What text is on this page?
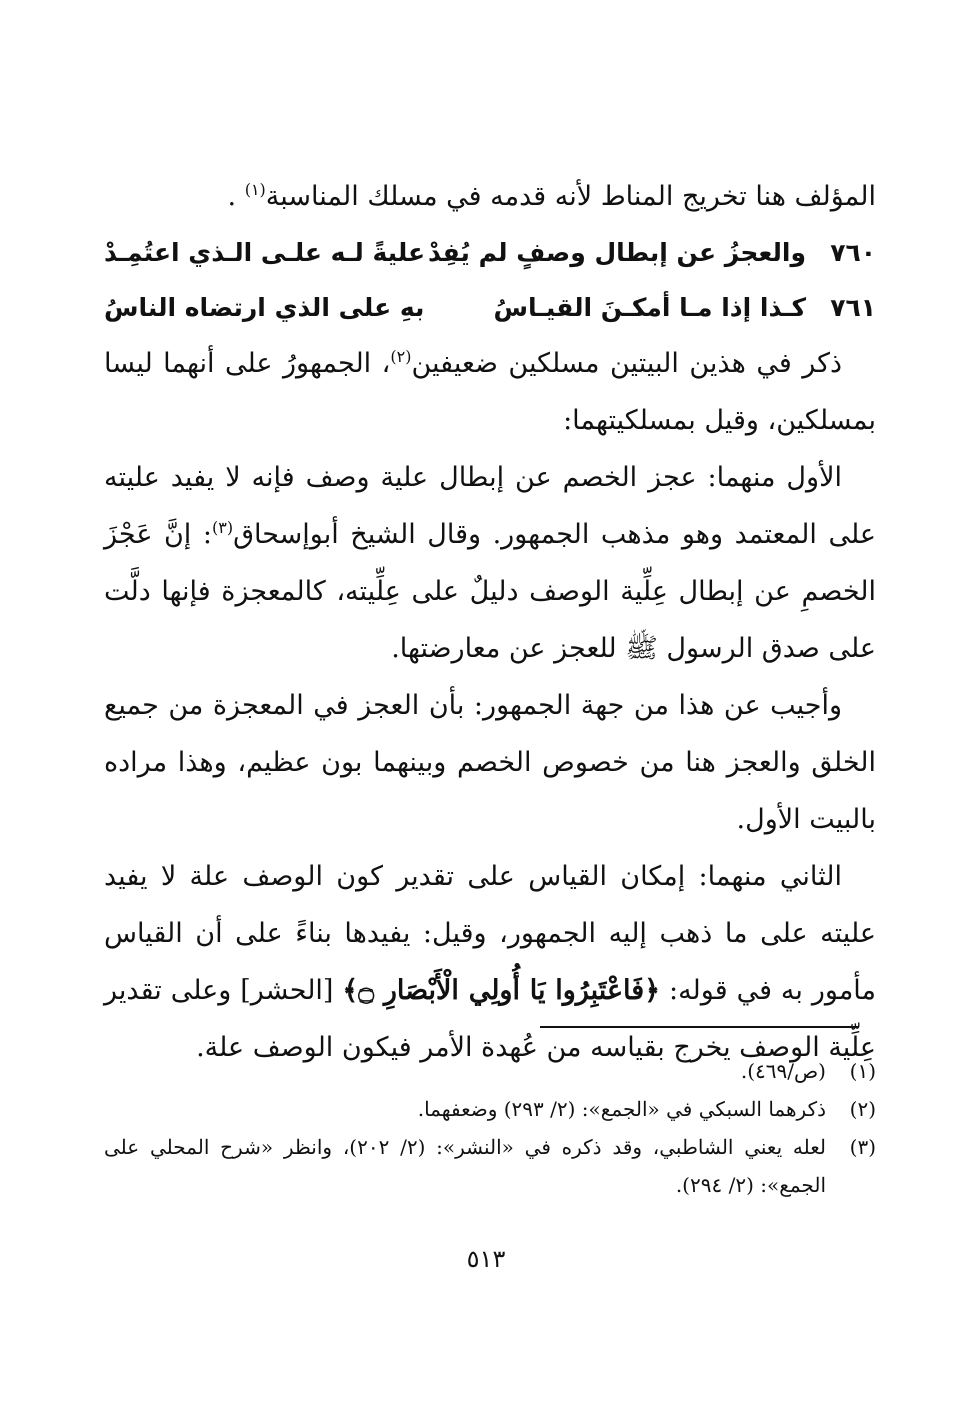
المؤلف هنا تخريج المناط لأنه قدمه في مسلك المناسبة$^{(١)}$ .

٧٦٠
والعجزُ عن إبطال وصفٍ لم يُفِدْ
عليةً لـه علـى الـذي اعتُمِـدْ
٧٦١
كـذا إذا مـا أمكـنَ القيـاسُ
بهِ على الذي ارتضاه الناسُ

ذكر في هذين البيتين مسلكين ضعيفين$^{(٢)}$، الجمهورُ على أنهما ليسا بمسلكين، وقيل بمسلكيتهما:

الأول منهما: عجز الخصم عن إبطال علية وصف فإنه لا يفيد عليته على المعتمد وهو مذهب الجمهور. وقال الشيخ أبوإسحاق$^{(٣)}$: إنَّ عَجْزَ الخصمِ عن إبطال عِلِّية الوصف دليلٌ على عِلِّيته، كالمعجزة فإنها دلَّت على صدق الرسول ﷺ للعجز عن معارضتها.

وأجيب عن هذا من جهة الجمهور: بأن العجز في المعجزة من جميع الخلق والعجز هنا من خصوص الخصم وبينهما بون عظيم، وهذا مراده بالبيت الأول.

الثاني منهما: إمكان القياس على تقدير كون الوصف علة لا يفيد عليته على ما ذهب إليه الجمهور، وقيل: يفيدها بناءً على أن القياس مأمور به في قوله: ﴿فَاعْتَبِرُوا يَا أُولِي الْأَبْصَارِ ۝﴾ [الحشر] وعلى تقدير عِلِّية الوصف يخرج بقياسه من عُهدة الأمر فيكون الوصف علة.

(١)
(ص/٤٦٩).

(٢)
ذكرهما السبكي في «الجمع»: (٢/ ٢٩٣) وضعفهما.

(٣)
لعله يعني الشاطبي، وقد ذكره في «النشر»: (٢/ ٢٠٢)، وانظر «شرح المحلي على الجمع»: (٢/ ٢٩٤).

٥١٣
